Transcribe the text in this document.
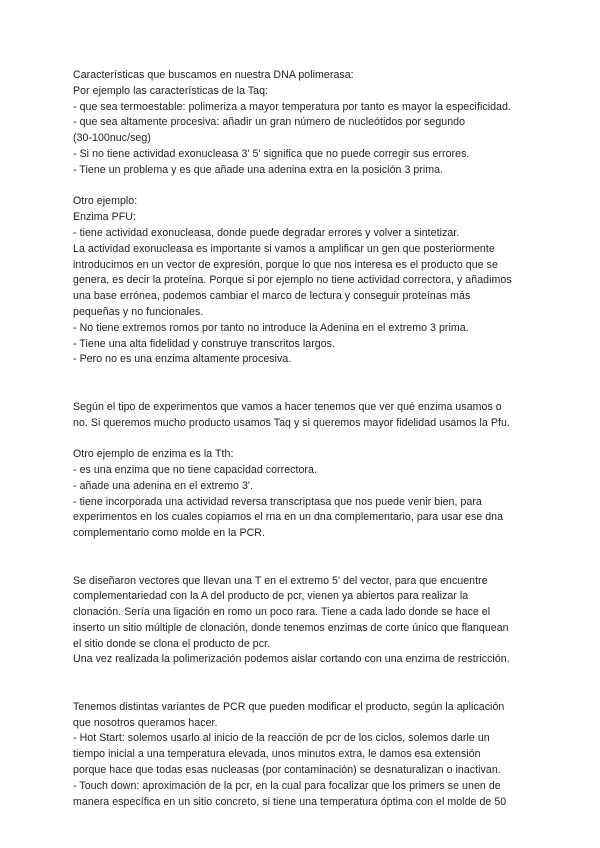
Características que buscamos en nuestra DNA polimerasa:
Por ejemplo las características de la Taq:
- que sea termoestable: polimeriza a mayor temperatura por tanto es mayor la especificidad.
- que sea altamente procesiva: añadir un gran número de nucleótidos por segundo
(30-100nuc/seg)
- Si no tiene actividad exonucleasa 3' 5' significa que no puede corregir sus errores.
- Tiene un problema y es que añade una adenina extra en la posición 3 prima.
Otro ejemplo:
Enzima PFU:
- tiene actividad exonucleasa, donde puede degradar errores y volver a sintetizar.
La actividad exonucleasa es importante si vamos a amplificar un gen que posteriormente
introducimos en un vector de expresión, porque lo que nos interesa es el producto que se
genera, es decir la proteína. Porque si por ejemplo no tiene actividad correctora, y añadimos
una base errónea, podemos cambiar el marco de lectura y conseguir proteínas más
pequeñas y no funcionales.
- No tiene extremos romos por tanto no introduce la Adenina en el extremo 3 prima.
- Tiene una alta fidelidad y construye transcritos largos.
- Pero no es una enzima altamente procesiva.
Según el tipo de experimentos que vamos a hacer tenemos que ver qué enzima usamos o
no. Si queremos mucho producto usamos Taq y si queremos mayor fidelidad usamos la Pfu.
Otro ejemplo de enzima es la Tth:
- es una enzima que no tiene capacidad correctora.
- añade una adenina en el extremo 3'.
- tiene incorporada una actividad reversa transcriptasa que nos puede venir bien, para
experimentos en los cuales copiamos el rna en un dna complementario, para usar ese dna
complementario como molde en la PCR.
Se diseñaron vectores que llevan una T en el extremo 5' del vector, para que encuentre
complementariedad con la A del producto de pcr, vienen ya abiertos para realizar la
clonación. Sería una ligación en romo un poco rara. Tiene a cada lado donde se hace el
inserto un sitio múltiple de clonación, donde tenemos enzimas de corte único que flanquean
el sitio donde se clona el producto de pcr.
Una vez realizada la polimerización podemos aislar cortando con una enzima de restricción.
Tenemos distintas variantes de PCR que pueden modificar el producto, según la aplicación
que nosotros queramos hacer.
- Hot Start: solemos usarlo al inicio de la reacción de pcr de los ciclos, solemos darle un
tiempo inicial a una temperatura elevada, unos minutos extra, le damos esa extensión
porque hace que todas esas nucleasas (por contaminación) se desnaturalizan o inactivan.
- Touch down: aproximación de la pcr, en la cual para focalizar que los primers se unen de
manera específica en un sitio concreto, si tiene una temperatura óptima con el molde de 50
